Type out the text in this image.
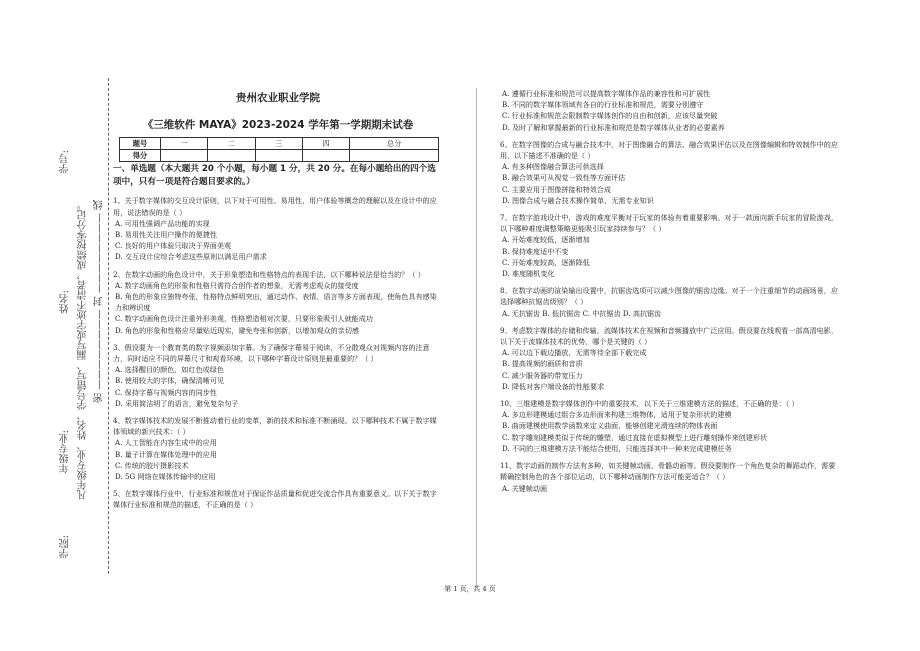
学号:
姓名:
年级专业:
学院:
凡年级专业、姓名、学号错写、漏写或字迹不清者，成绩按零分记。 密 ———————— 封 ———————— 线
贵州农业职业学院
《三维软件 MAYA》2023-2024 学年第一学期期末试卷
题号	一	二	三	四	总分
得分					
一、单选题（本大题共 20 个小题，每小题 1 分，共 20 分。在每小题给出的四个选项中，只有一项是符合题目要求的。）
1、关于数字媒体的交互设计原则，以下对于可用性、易用性、用户体验等概念的理解以及在设计中的应用，说法错误的是（ ）
A. 可用性强调产品功能的实现
B. 易用性关注用户操作的便捷性
C. 良好的用户体验只取决于界面美观
D. 交互设计应综合考虑这些原则以满足用户需求
2、在数字动画的角色设计中，关于形象塑造和性格特点的表现手法，以下哪种说法是恰当的？（ ）
A. 数字动画角色的形象和性格只需符合创作者的想象，无需考虑观众的接受度
B. 角色的形象应独特夸张，性格特点鲜明突出，通过动作、表情、语言等多方面表现，使角色具有感染力和辨识度
C. 数字动画角色设计注重外形美观，性格塑造相对次要，只要形象吸引人就能成功
D. 角色的形象和性格应尽量贴近现实，避免夸张和创新，以增加观众的亲切感
3、假设要为一个教育类的数字视频添加字幕。为了确保字幕易于阅读，不分散观众对视频内容的注意力，同时适应不同的屏幕尺寸和观看环境，以下哪种字幕设计原则是最重要的？（ ）
A. 选择醒目的颜色，如红色或绿色
B. 使用较大的字体，确保清晰可见
C. 保持字幕与视频内容的同步性
D. 采用简洁明了的语言，避免复杂句子
4、数字媒体技术的发展不断推动着行业的变革，新的技术和标准不断涌现。以下哪种技术不属于数字媒体领域的新兴技术：（ ）
A. 人工智能在内容生成中的应用
B. 量子计算在媒体处理中的应用
C. 传统的胶片摄影技术
D. 5G 网络在媒体传输中的应用
5、在数字媒体行业中，行业标准和规范对于保证作品质量和促进交流合作具有重要意义。以下关于数字媒体行业标准和规范的描述，不正确的是（ ）
A. 遵循行业标准和规范可以提高数字媒体作品的兼容性和可扩展性
B. 不同的数字媒体领域有各自的行业标准和规范，需要分别遵守
C. 行业标准和规范会限制数字媒体创作的自由和创新，应该尽量突破
D. 及时了解和掌握最新的行业标准和规范是数字媒体从业者的必要素养
6、在数字图像的合成与融合技术中，对于图像融合的算法、融合效果评估以及在图像编辑和特效制作中的应用，以下描述不准确的是（ ）
A. 有多种图像融合算法可供选择
B. 融合效果可从视觉一致性等方面评估
C. 主要应用于图像拼接和特效合成
D. 图像合成与融合技术操作简单，无需专业知识
7、在数字游戏设计中，游戏的难度平衡对于玩家的体验有着重要影响。对于一款面向新手玩家的冒险游戏，以下哪种难度调整策略更能吸引玩家持续参与？（ ）
A. 开始难度较低，逐渐增加
B. 保持难度适中不变
C. 开始难度较高，逐渐降低
D. 难度随机变化
8、在数字动画的渲染输出设置中，抗锯齿选项可以减少图像的锯齿边缘。对于一个注重细节的动画场景，应选择哪种抗锯齿级别？（ ）
A. 无抗锯齿 B. 低抗锯齿 C. 中抗锯齿 D. 高抗锯齿
9、考虑数字媒体的存储和传输，流媒体技术在视频和音频播放中广泛应用。假设要在线观看一部高清电影，以下关于流媒体技术的优势，哪个是关键的（ ）
A. 可以边下载边播放，无需等待全部下载完成
B. 提高视频的画质和音质
C. 减少服务器的带宽压力
D. 降低对客户端设备的性能要求
10、三维建模是数字媒体创作中的重要技术，以下关于三维建模方法的描述，不正确的是：（ ）
A. 多边形建模通过组合多边形面来构建三维物体，适用于复杂形状的建模
B. 曲面建模使用数学函数来定义曲面，能够创建光滑连续的物体表面
C. 数字雕刻建模类似于传统的雕塑，通过直接在虚拟模型上进行雕刻操作来创建形状
D. 不同的三维建模方法不能结合使用，只能选择其中一种来完成建模任务
11、数字动画的制作方法有多种，如关键帧动画、骨骼动画等。假设要制作一个角色复杂的舞蹈动作，需要精确控制角色的各个部位运动，以下哪种动画制作方法可能更适合？（ ）
A. 关键帧动画
第 1 页，共 4 页
